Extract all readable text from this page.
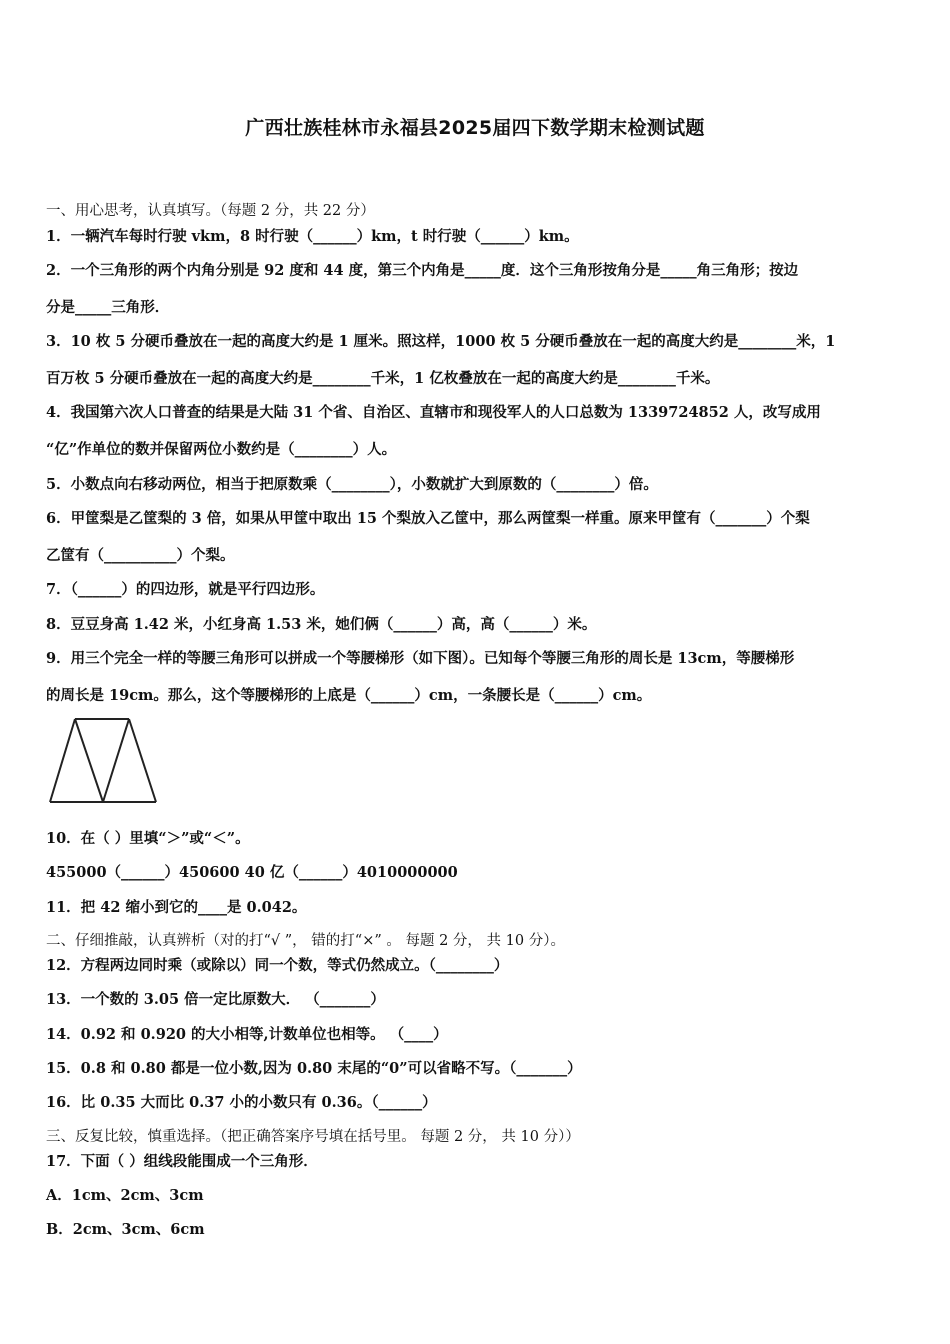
广西壮族桂林市永福县2025届四下数学期末检测试题
一、用心思考，认真填写。（每题 2 分，共 22 分）
1．一辆汽车每时行驶 vkm，8 时行驶（______）km，t 时行驶（______）km。
2．一个三角形的两个内角分别是 92 度和 44 度，第三个内角是_____度．这个三角形按角分是_____角三角形；按边
分是_____三角形．
3．10 枚 5 分硬币叠放在一起的高度大约是 1 厘米。照这样，1000 枚 5 分硬币叠放在一起的高度大约是________米，1
百万枚 5 分硬币叠放在一起的高度大约是________千米，1 亿枚叠放在一起的高度大约是________千米。
4．我国第六次人口普查的结果是大陆 31 个省、自治区、直辖市和现役军人的人口总数为 1339724852 人，改写成用
“亿”作单位的数并保留两位小数约是（________）人。
5．小数点向右移动两位，相当于把原数乘（________），小数就扩大到原数的（________）倍。
6．甲筐梨是乙筐梨的 3 倍，如果从甲筐中取出 15 个梨放入乙筐中，那么两筐梨一样重。原来甲筐有（_______）个梨
乙筐有（__________）个梨。
7．（______）的四边形，就是平行四边形。
8．豆豆身高 1.42 米，小红身高 1.53 米，她们俩（______）高，高（______）米。
9．用三个完全一样的等腰三角形可以拼成一个等腰梯形（如下图）。已知每个等腰三角形的周长是 13cm，等腰梯形
的周长是 19cm。那么，这个等腰梯形的上底是（______）cm，一条腰长是（______）cm。
10．在（ ）里填“＞”或“＜”。
455000（______）450600 40 亿（______）4010000000
11．把 42 缩小到它的____是 0.042。
二、仔细推敲，认真辨析（对的打“√ ”， 错的打“×” 。 每题 2 分， 共 10 分）。
12．方程两边同时乘（或除以）同一个数，等式仍然成立。（________）
13．一个数的 3.05 倍一定比原数大． （_______）
14．0.92 和 0.920 的大小相等,计数单位也相等。 （____）
15．0.8 和 0.80 都是一位小数,因为 0.80 末尾的“0”可以省略不写。（_______）
16．比 0.35 大而比 0.37 小的小数只有 0.36。（______）
三、反复比较，慎重选择。（把正确答案序号填在括号里。 每题 2 分， 共 10 分））
17．下面（ ）组线段能围成一个三角形．
A．1cm、2cm、3cm
B．2cm、3cm、6cm
